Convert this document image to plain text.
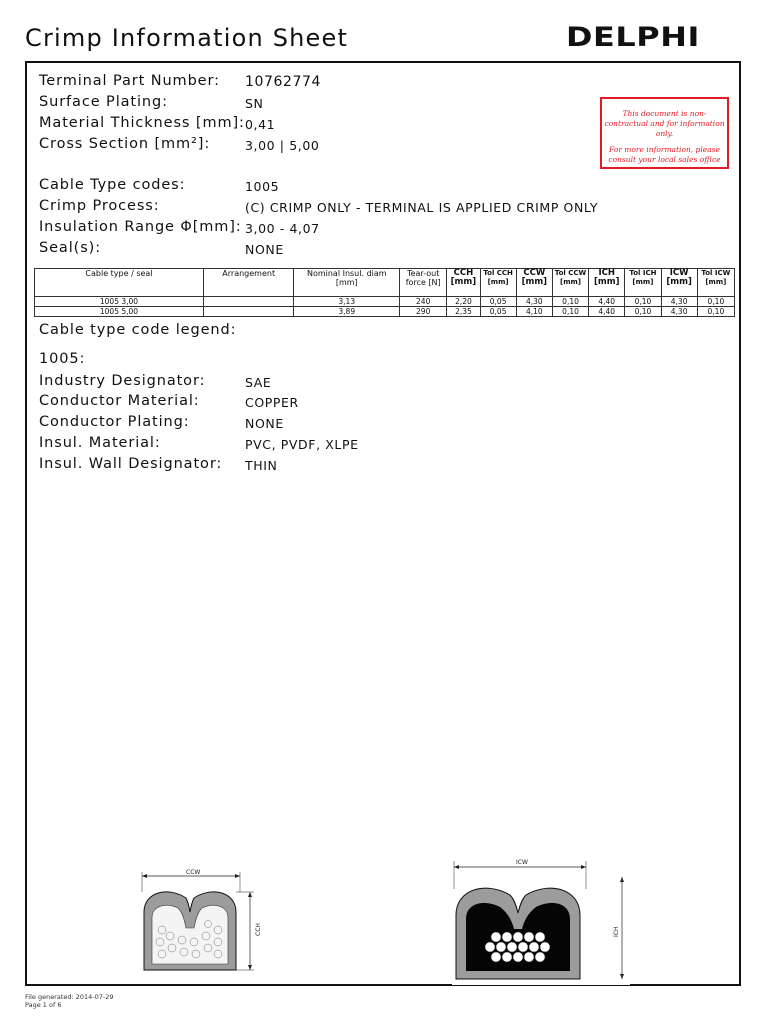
Crimp Information Sheet	DELPHI
Terminal Part Number: 10762774
Surface Plating:	SN
Material Thickness [mm]: 0,41
Cross Section [mm²]:	3,00 | 5,00
Cable Type codes:	1005
Crimp Process:	(C) CRIMP ONLY - TERMINAL IS APPLIED CRIMP ONLY
Insulation Range Φ[mm]: 3,00 - 4,07
Seal(s):	NONE
This document is non-contractual and for information only.
For more information, please consult your local sales office
Cable type / seal	Arrangement	Nominal Insul. diam [mm]	Tear-out force [N]	CCH [mm]	Tol CCH [mm]	CCW [mm]	Tol CCW [mm]	ICH [mm]	Tol ICH [mm]	ICW [mm]	Tol ICW [mm]
1005 3,00		3,13	240	2,20	0,05	4,30	0,10	4,40	0,10	4,30	0,10
1005 5,00		3,89	290	2,35	0,05	4,10	0,10	4,40	0,10	4,30	0,10
Cable type code legend:
1005:
Industry Designator:	SAE
Conductor Material:	COPPER
Conductor Plating:	NONE
Insul. Material:	PVC, PVDF, XLPE
Insul. Wall Designator: THIN
CCW
CCH
ICW
ICH
File generated: 2014-07-29
Page 1 of 6
